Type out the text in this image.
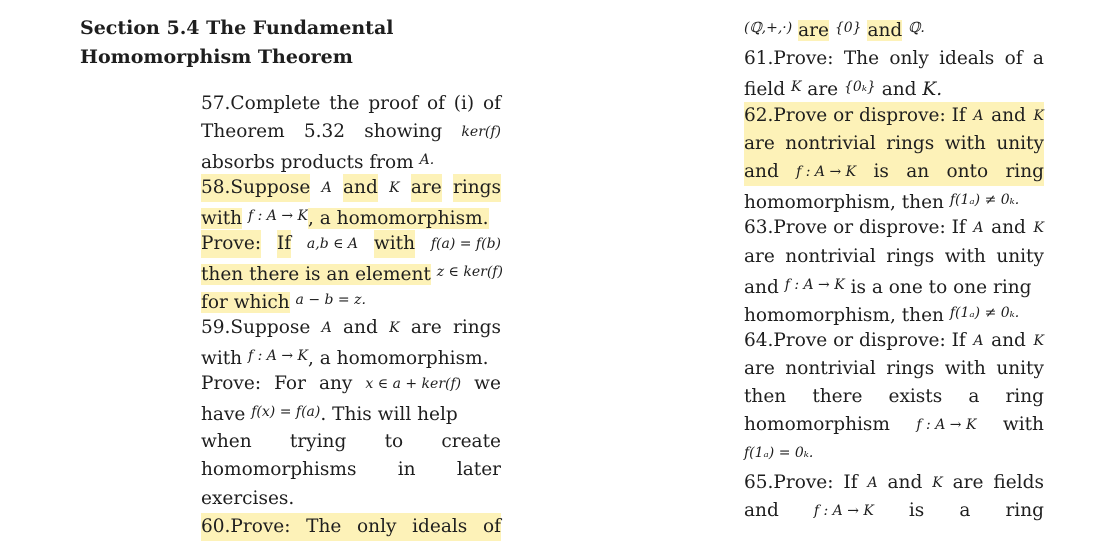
Section 5.4 The Fundamental
Homomorphism Theorem
57.Complete the proof of (i) of
Theorem 5.32 showing ker(f)
absorbs products from $^{A.}$
58.Suppose A and K are rings
with $^{f : A \to K}$, a homomorphism.
Prove: If a,b ∈ A with f(a) = f(b)
then there is an element $^{z \in ker(f)}$
for which $^{a - b = z.}$
59.Suppose A and K are rings
with $^{f : A \to K}$, a homomorphism.
Prove: For any x ∈ a + ker(f) we
have $^{f(x) = f(a)}$. This will help
when trying to create
homomorphisms in later
exercises.
60.Prove: The only ideals of
$^{(ℚ,+,\cdot)}$ are $^{\{0\}}$ and $^{ℚ.}$
61.Prove: The only ideals of a
field $^K$ are $^{\{0_k\}}$ and K.
62.Prove or disprove: If A and K
are nontrivial rings with unity
and f : A → K is an onto ring
homomorphism, then $^{f(1_a) \ne 0_k.}$
63.Prove or disprove: If A and K
are nontrivial rings with unity
and $^{f : A \to K}$ is a one to one ring
homomorphism, then $^{f(1_a) \ne 0_k.}$
64.Prove or disprove: If A and K
are nontrivial rings with unity
then there exists a ring
homomorphism f : A → K with
$^{f(1_a) = 0_k.}$
65.Prove: If A and K are fields
and	f : A → K is a ring
